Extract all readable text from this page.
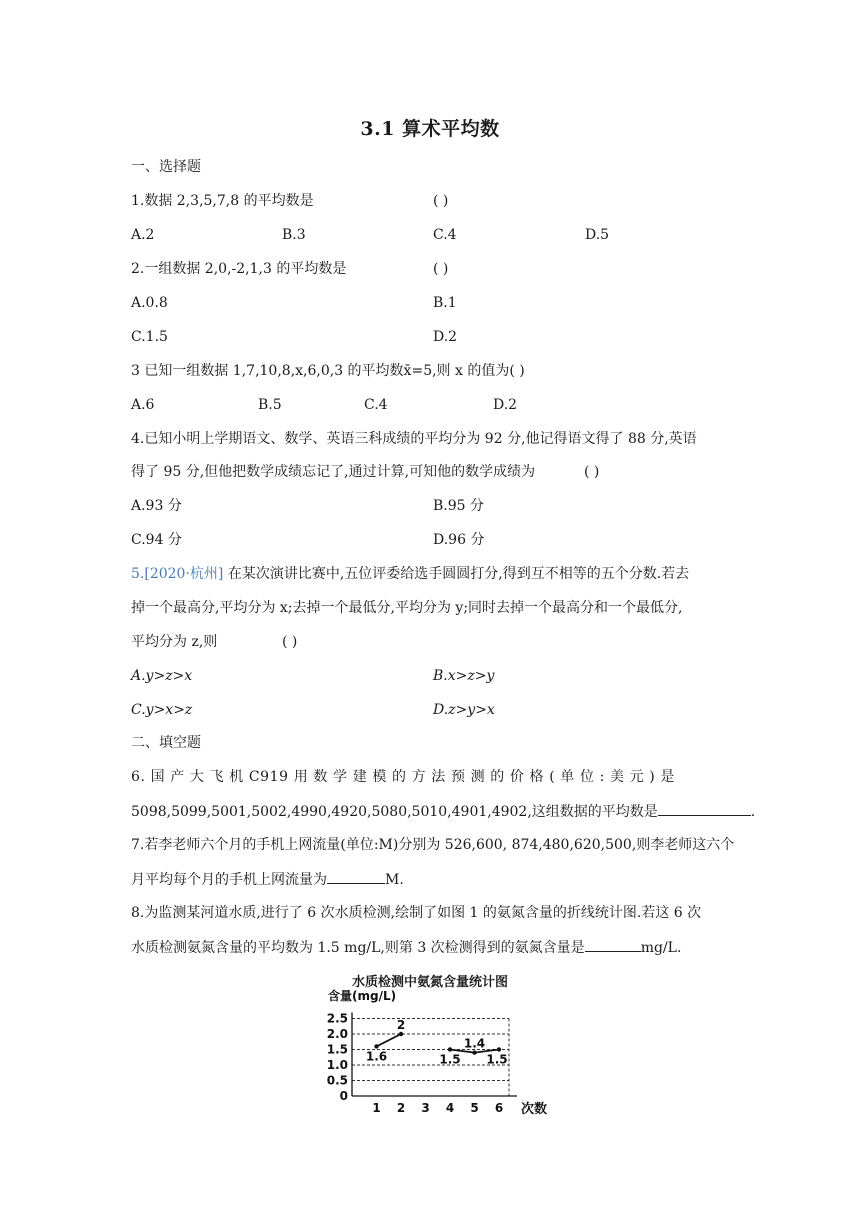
3.1 算术平均数
一、选择题
1.数据 2,3,5,7,8 的平均数是	( )
A.2	B.3	C.4	D.5
2.一组数据 2,0,-2,1,3 的平均数是	( )
A.0.8	B.1
C.1.5	D.2
3 已知一组数据 1,7,10,8,x,6,0,3 的平均数x̄=5,则 x 的值为( )
A.6	B.5	C.4	D.2
4.已知小明上学期语文、数学、英语三科成绩的平均分为 92 分,他记得语文得了 88 分,英语
得了 95 分,但他把数学成绩忘记了,通过计算,可知他的数学成绩为	( )
A.93 分	B.95 分
C.94 分	D.96 分
5.[2020·杭州] 在某次演讲比赛中,五位评委给选手圆圆打分,得到互不相等的五个分数.若去
掉一个最高分,平均分为 x;去掉一个最低分,平均分为 y;同时去掉一个最高分和一个最低分,
平均分为 z,则	( )
A.y>z>x	B.x>z>y
C.y>x>z	D.z>y>x
二、填空题
6. 国 产 大 飞 机 C919 用 数 学 建 模 的 方 法 预 测 的 价 格 ( 单 位 : 美 元 ) 是
5098,5099,5001,5002,4990,4920,5080,5010,4901,4902,这组数据的平均数是	.
7.若李老师六个月的手机上网流量(单位:M)分别为 526,600, 874,480,620,500,则李老师这六个
月平均每个月的手机上网流量为	M.
8.为监测某河道水质,进行了 6 次水质检测,绘制了如图 1 的氨氮含量的折线统计图.若这 6 次
水质检测氨氮含量的平均数为 1.5 mg/L,则第 3 次检测得到的氨氮含量是	mg/L.
水质检测中氨氮含量统计图
含量(mg/L)
0
0.5
1.0
1.5
2.0
2.5
1 2 3 4 5 6 次数
1.6
2
1.5
1.4
1.5
